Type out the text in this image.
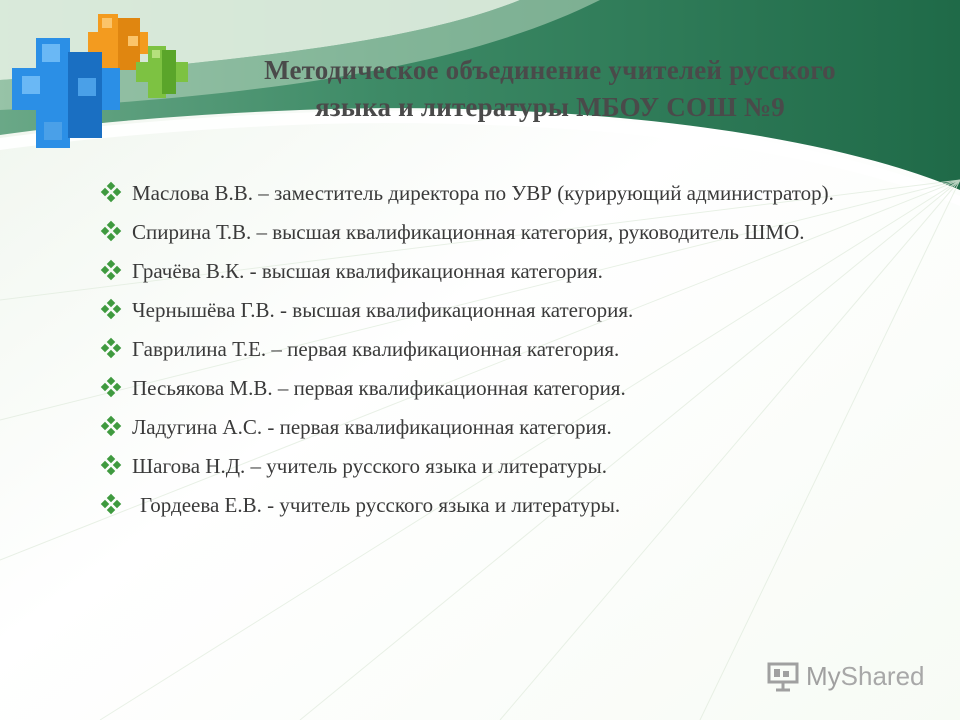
Методическое объединение учителей русского
языка и литературы МБОУ СОШ №9
Маслова В.В. – заместитель директора по УВР (курирующий администратор).
Спирина Т.В. – высшая квалификационная категория, руководитель ШМО.
Грачёва В.К. - высшая квалификационная категория.
Чернышёва Г.В. - высшая квалификационная категория.
Гаврилина Т.Е. – первая квалификационная категория.
Песьякова М.В. – первая квалификационная категория.
Ладугина А.С. - первая квалификационная категория.
Шагова Н.Д. – учитель русского языка и литературы.
Гордеева Е.В. - учитель русского языка и литературы.
My Shared
